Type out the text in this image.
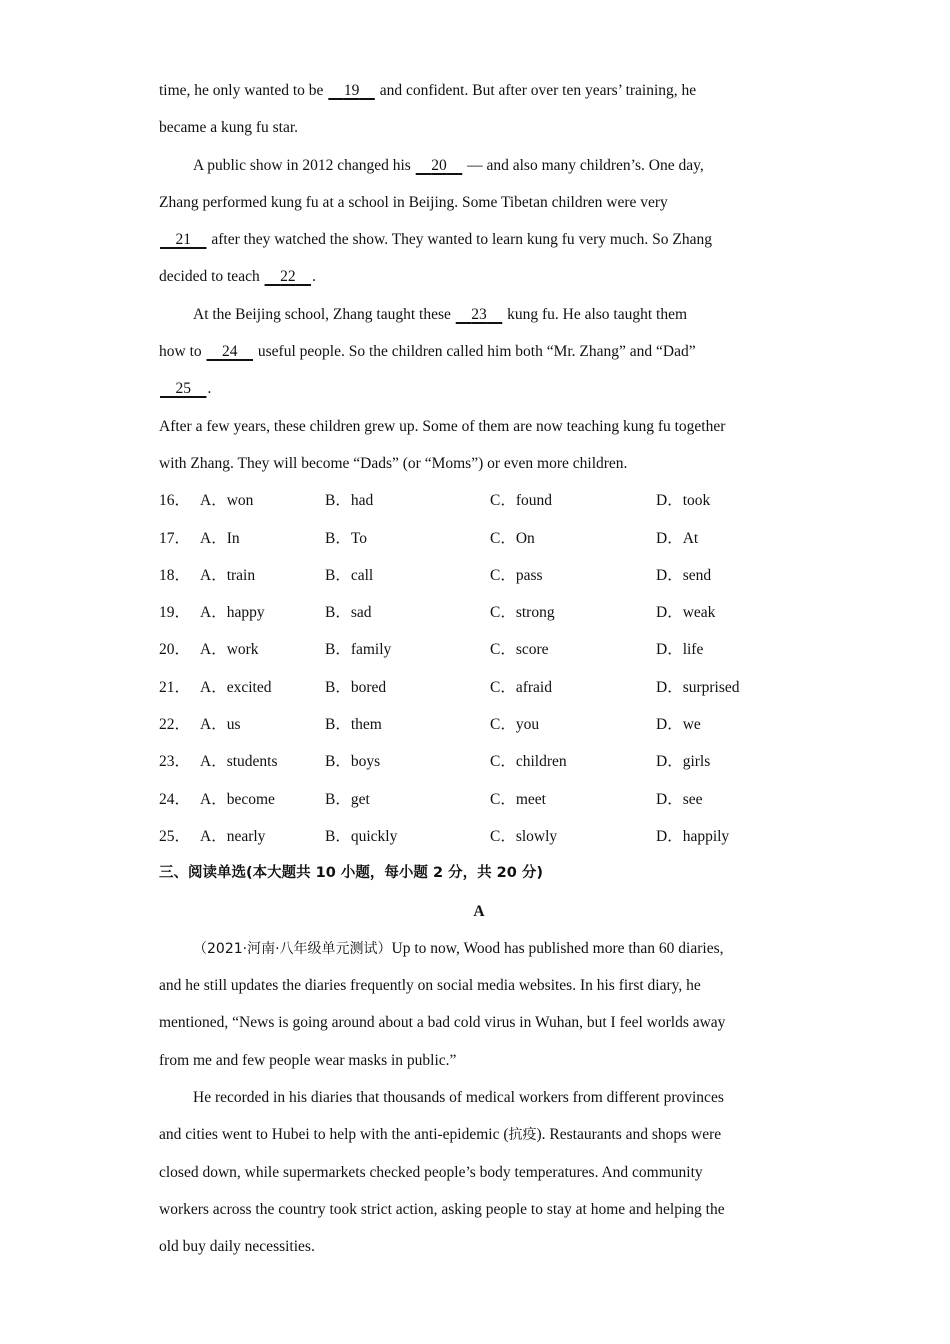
time, he only wanted to be 19 and confident. But after over ten years’ training, he
became a kung fu star.
A public show in 2012 changed his 20 — and also many children’s. One day,
Zhang performed kung fu at a school in Beijing. Some Tibetan children were very
21 after they watched the show. They wanted to learn kung fu very much. So Zhang
decided to teach 22 .
At the Beijing school, Zhang taught these 23 kung fu. He also taught them
how to 24 useful people. So the children called him both “Mr. Zhang” and “Dad”
25 .
After a few years, these children grew up. Some of them are now teaching kung fu together
with Zhang. They will become “Dads” (or “Moms”) or even more children.
16． A．won	B．had	C．found	D．took
17． A．In	B．To	C．On	D．At
18． A．train	B．call	C．pass	D．send
19． A．happy	B．sad	C．strong	D．weak
20． A．work	B．family	C．score	D．life
21． A．excited	B．bored	C．afraid	D．surprised
22． A．us	B．them	C．you	D．we
23． A．students	B．boys	C．children	D．girls
24． A．become	B．get	C．meet	D．see
25． A．nearly	B．quickly	C．slowly	D．happily
三、阅读单选(本大题共 10 小题，每小题 2 分，共 20 分)
A
（2021·河南·八年级单元测试）Up to now, Wood has published more than 60 diaries,
and he still updates the diaries frequently on social media websites. In his first diary, he
mentioned, “News is going around about a bad cold virus in Wuhan, but I feel worlds away
from me and few people wear masks in public.”
He recorded in his diaries that thousands of medical workers from different provinces
and cities went to Hubei to help with the anti-epidemic (抗疫). Restaurants and shops were
closed down, while supermarkets checked people’s body temperatures. And community
workers across the country took strict action, asking people to stay at home and helping the
old buy daily necessities.
